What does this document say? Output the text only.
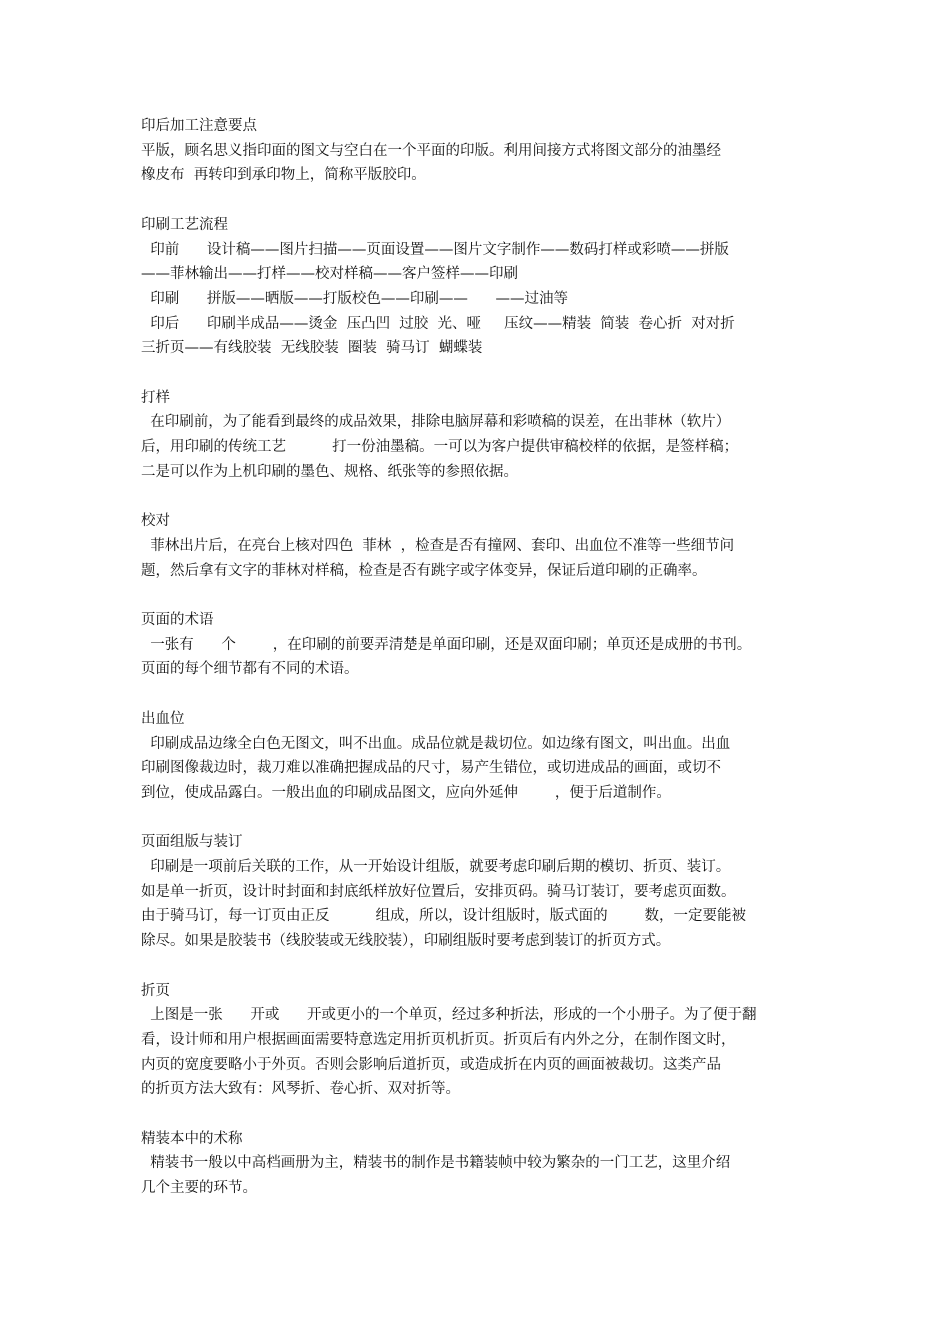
印后加工注意要点
平版，顾名思义指印面的图文与空白在一个平面的印版。利用间接方式将图文部分的油墨经
橡皮布  再转印到承印物上，简称平版胶印。
印刷工艺流程
印前      设计稿——图片扫描——页面设置——图片文字制作——数码打样或彩喷——拼版
——菲林输出——打样——校对样稿——客户签样——印刷
印刷      拼版——晒版——打版校色——印刷——      ——过油等
印后      印刷半成品——烫金  压凸凹  过胶  光、哑     压纹——精装  简装  卷心折  对对折
三折页——有线胶装  无线胶装  圈装  骑马订  蝴蝶装
打样
在印刷前，为了能看到最终的成品效果，排除电脑屏幕和彩喷稿的误差，在出菲林（软片）
后，用印刷的传统工艺          打一份油墨稿。一可以为客户提供审稿校样的依据，是签样稿；
二是可以作为上机印刷的墨色、规格、纸张等的参照依据。
校对
菲林出片后，在亮台上核对四色  菲林  ，检查是否有撞网、套印、出血位不准等一些细节问
题，然后拿有文字的菲林对样稿，检查是否有跳字或字体变异，保证后道印刷的正确率。
页面的术语
一张有      个        ，在印刷的前要弄清楚是单面印刷，还是双面印刷；单页还是成册的书刊。
页面的每个细节都有不同的术语。
出血位
印刷成品边缘全白色无图文，叫不出血。成品位就是裁切位。如边缘有图文，叫出血。出血
印刷图像裁边时，裁刀难以准确把握成品的尺寸，易产生错位，或切进成品的画面，或切不
到位，使成品露白。一般出血的印刷成品图文，应向外延伸        ，便于后道制作。
页面组版与装订
印刷是一项前后关联的工作，从一开始设计组版，就要考虑印刷后期的模切、折页、装订。
如是单一折页，设计时封面和封底纸样放好位置后，安排页码。骑马订装订，要考虑页面数。
由于骑马订，每一订页由正反          组成，所以，设计组版时，版式面的        数，一定要能被
除尽。如果是胶装书（线胶装或无线胶装），印刷组版时要考虑到装订的折页方式。
折页
上图是一张      开或      开或更小的一个单页，经过多种折法，形成的一个小册子。为了便于翻
看，设计师和用户根据画面需要特意选定用折页机折页。折页后有内外之分，在制作图文时，
内页的宽度要略小于外页。否则会影响后道折页，或造成折在内页的画面被裁切。这类产品
的折页方法大致有：风琴折、卷心折、双对折等。
精装本中的术称
精装书一般以中高档画册为主，精装书的制作是书籍装帧中较为繁杂的一门工艺，这里介绍
几个主要的环节。
